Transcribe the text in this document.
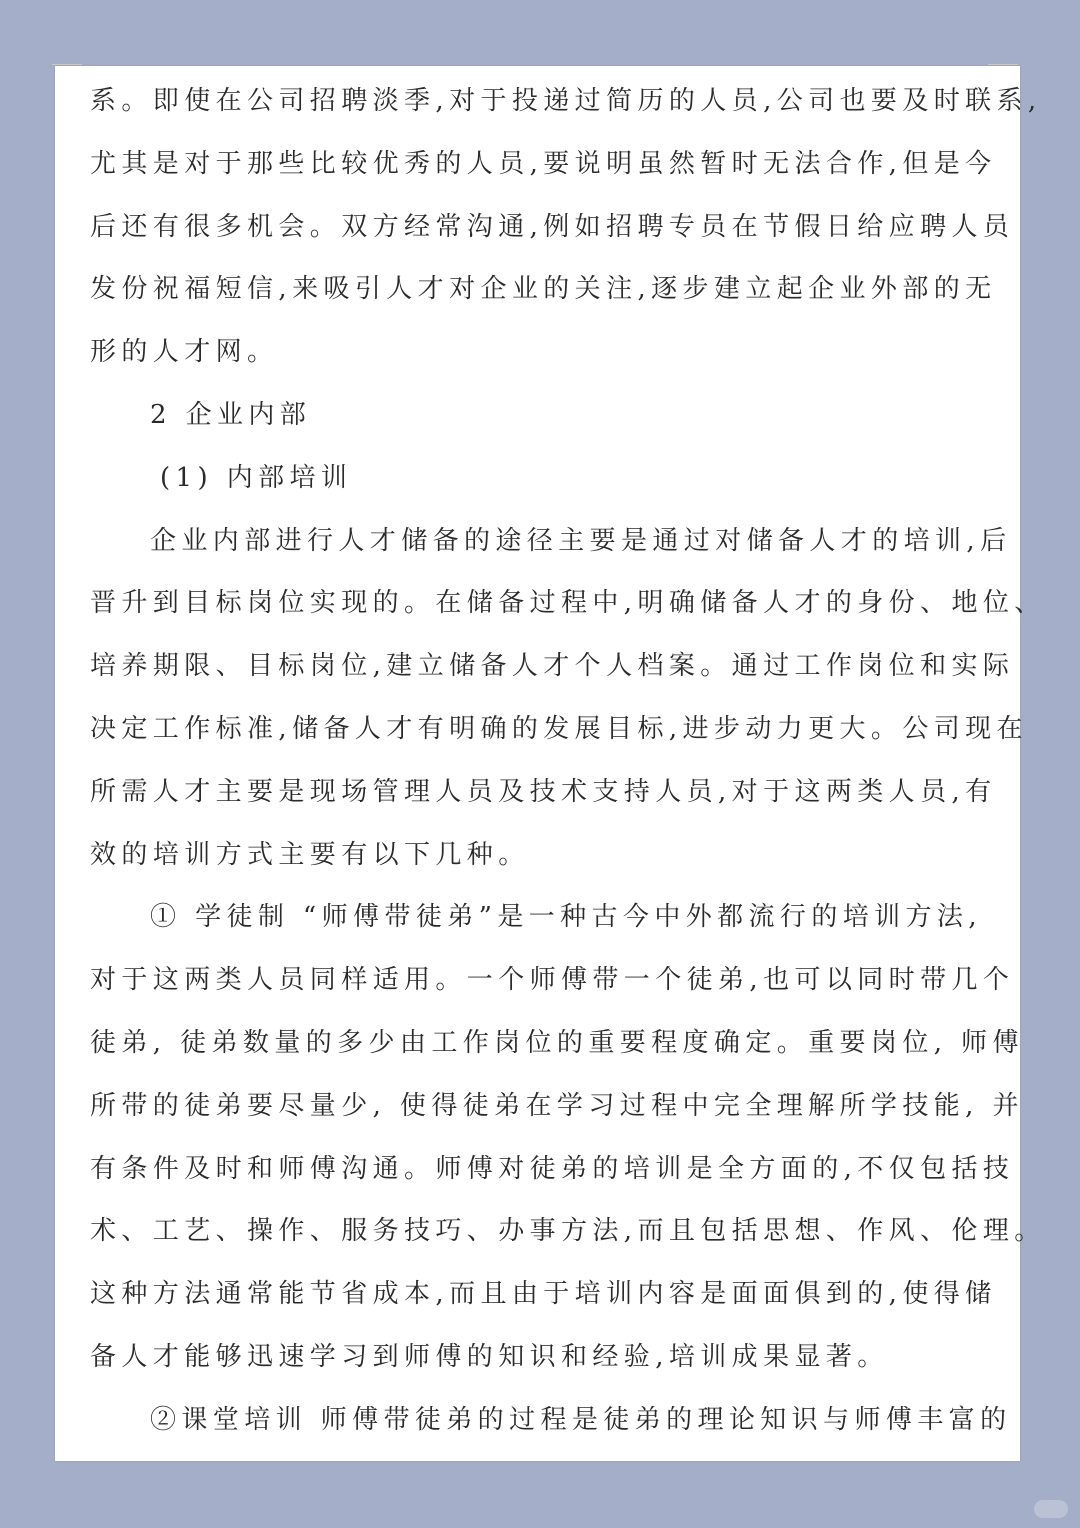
系。即使在公司招聘淡季,对于投递过简历的人员,公司也要及时联系,
尤其是对于那些比较优秀的人员,要说明虽然暂时无法合作,但是今
后还有很多机会。双方经常沟通,例如招聘专员在节假日给应聘人员
发份祝福短信,来吸引人才对企业的关注,逐步建立起企业外部的无
形的人才网。
2 企业内部
(1) 内部培训
企业内部进行人才储备的途径主要是通过对储备人才的培训,后
晋升到目标岗位实现的。在储备过程中,明确储备人才的身份、地位、
培养期限、目标岗位,建立储备人才个人档案。通过工作岗位和实际
决定工作标准,储备人才有明确的发展目标,进步动力更大。公司现在
所需人才主要是现场管理人员及技术支持人员,对于这两类人员,有
效的培训方式主要有以下几种。
① 学徒制 “师傅带徒弟”是一种古今中外都流行的培训方法,
对于这两类人员同样适用。一个师傅带一个徒弟,也可以同时带几个
徒弟, 徒弟数量的多少由工作岗位的重要程度确定。重要岗位, 师傅
所带的徒弟要尽量少, 使得徒弟在学习过程中完全理解所学技能, 并
有条件及时和师傅沟通。师傅对徒弟的培训是全方面的,不仅包括技
术、工艺、操作、服务技巧、办事方法,而且包括思想、作风、伦理。
这种方法通常能节省成本,而且由于培训内容是面面俱到的,使得储
备人才能够迅速学习到师傅的知识和经验,培训成果显著。
②课堂培训 师傅带徒弟的过程是徒弟的理论知识与师傅丰富的
